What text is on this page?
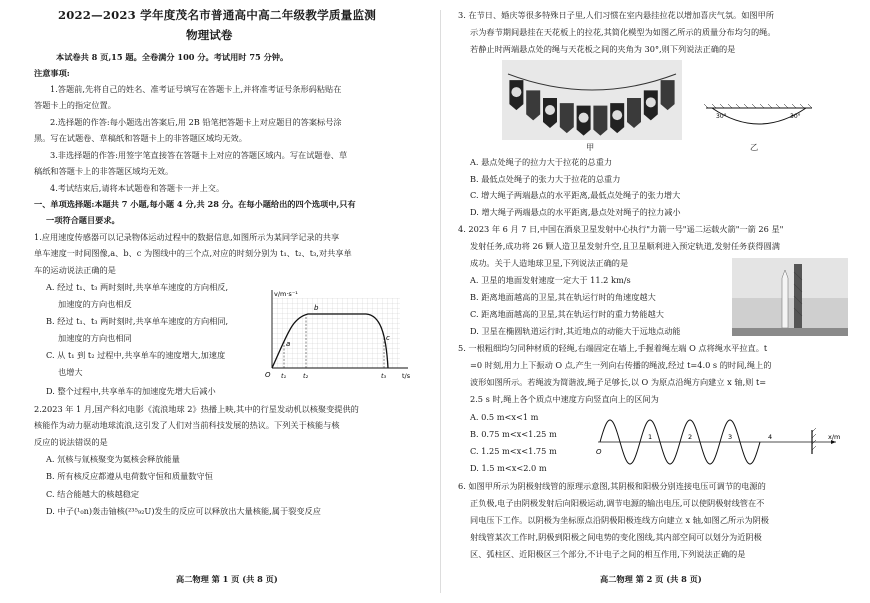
2022—2023 学年度茂名市普通高中高二年级教学质量监测
物理试卷
本试卷共 8 页,15 题。全卷满分 100 分。考试用时 75 分钟。
注意事项:
1.答题前,先将自己的姓名、准考证号填写在答题卡上,并将准考证号条形码粘贴在
答题卡上的指定位置。
2.选择题的作答:每小题选出答案后,用 2B 铅笔把答题卡上对应题目的答案标号涂
黑。写在试题卷、草稿纸和答题卡上的非答题区域均无效。
3.非选择题的作答:用签字笔直接答在答题卡上对应的答题区域内。写在试题卷、草
稿纸和答题卡上的非答题区域均无效。
4.考试结束后,请将本试题卷和答题卡一并上交。
一、单项选择题:本题共 7 小题,每小题 4 分,共 28 分。在每小题给出的四个选项中,只有
一项符合题目要求。
1.应用速度传感器可以记录物体运动过程中的数据信息,如图所示为某同学记录的共享
单车速度一时间图像,a、b、c 为图线中的三个点,对应的时刻分别为 t₁、t₂、t₃,对共享单
车的运动说法正确的是
A. 经过 t₁、t₃ 两时刻时,共享单车速度的方向相反,
加速度的方向也相反
B. 经过 t₁、t₃ 两时刻时,共享单车速度的方向相同,
加速度的方向也相同
C. 从 t₁ 到 t₂ 过程中,共享单车的速度增大,加速度
也增大
D. 整个过程中,共享单车的加速度先增大后减小
v/m·s⁻¹
t/s
O
a
b
c
t₁	t₂	t₃
2.2023 年 1 月,国产科幻电影《流浪地球 2》热播上映,其中的行星发动机以核聚变提供的
核能作为动力驱动地球流浪,这引发了人们对当前科技发展的热议。下列关于核能与核
反应的说法错误的是
A. 氘核与氚核聚变为氦核会释放能量
B. 所有核反应都遵从电荷数守恒和质量数守恒
C. 结合能越大的核越稳定
D. 中子(¹₀n)轰击铀核(²³⁵₉₂U)发生的反应可以释放出大量核能,属于裂变反应
高二物理 第 1 页 (共 8 页)
3. 在节日、婚庆等很多特殊日子里,人们习惯在室内悬挂拉花以增加喜庆气氛。如图甲所
示为春节期间悬挂在天花板上的拉花,其简化模型为如图乙所示的质量分布均匀的绳。
若静止时两端悬点处的绳与天花板之间的夹角为 30°,则下列说法正确的是
甲
30°	30°
乙
A. 悬点处绳子的拉力大于拉花的总重力
B. 最低点处绳子的张力大于拉花的总重力
C. 增大绳子两端悬点的水平距离,最低点处绳子的张力增大
D. 增大绳子两端悬点的水平距离,悬点处对绳子的拉力减小
4. 2023 年 6 月 7 日,中国在酒泉卫星发射中心执行"力箭一号"遥二运载火箭"一箭 26 星"
发射任务,成功将 26 颗人造卫星发射升空,且卫星顺利进入预定轨道,发射任务获得圆满
成功。关于人造地球卫星,下列说法正确的是
A. 卫星的地面发射速度一定大于 11.2 km/s
B. 距离地面越高的卫星,其在轨运行时的角速度越大
C. 距离地面越高的卫星,其在轨运行时的重力势能越大
D. 卫星在椭圆轨道运行时,其近地点的动能大于远地点动能
5. 一根粗细均匀同种材质的轻绳,右端固定在墙上,手握着绳左端 O 点将绳水平拉直。t
=0 时刻,用力上下振动 O 点,产生一列向右传播的绳波,经过 t=4.0 s 的时间,绳上的
波形如图所示。若绳波为简谐波,绳子足够长,以 O 为原点沿绳方向建立 x 轴,则 t=
2.5 s 时,绳上各个质点中速度方向竖直向上的区间为
A. 0.5 m<x<1 m
B. 0.75 m<x<1.25 m
C. 1.25 m<x<1.75 m
D. 1.5 m<x<2.0 m
O
x/m
1	2	3	4
6. 如图甲所示为阴极射线管的原理示意图,其阴极和阳极分别连接电压可调节的电源的
正负极,电子由阴极发射后向阳极运动,调节电源的输出电压,可以使阴极射线管在不
同电压下工作。以阴极为坐标原点沿阴极阳极连线方向建立 x 轴,如图乙所示为阴极
射线管某次工作时,阴极到阳极之间电势的变化图线,其内部空间可以划分为近阴极
区、弧柱区、近阳极区三个部分,不计电子之间的相互作用,下列说法正确的是
高二物理 第 2 页 (共 8 页)
